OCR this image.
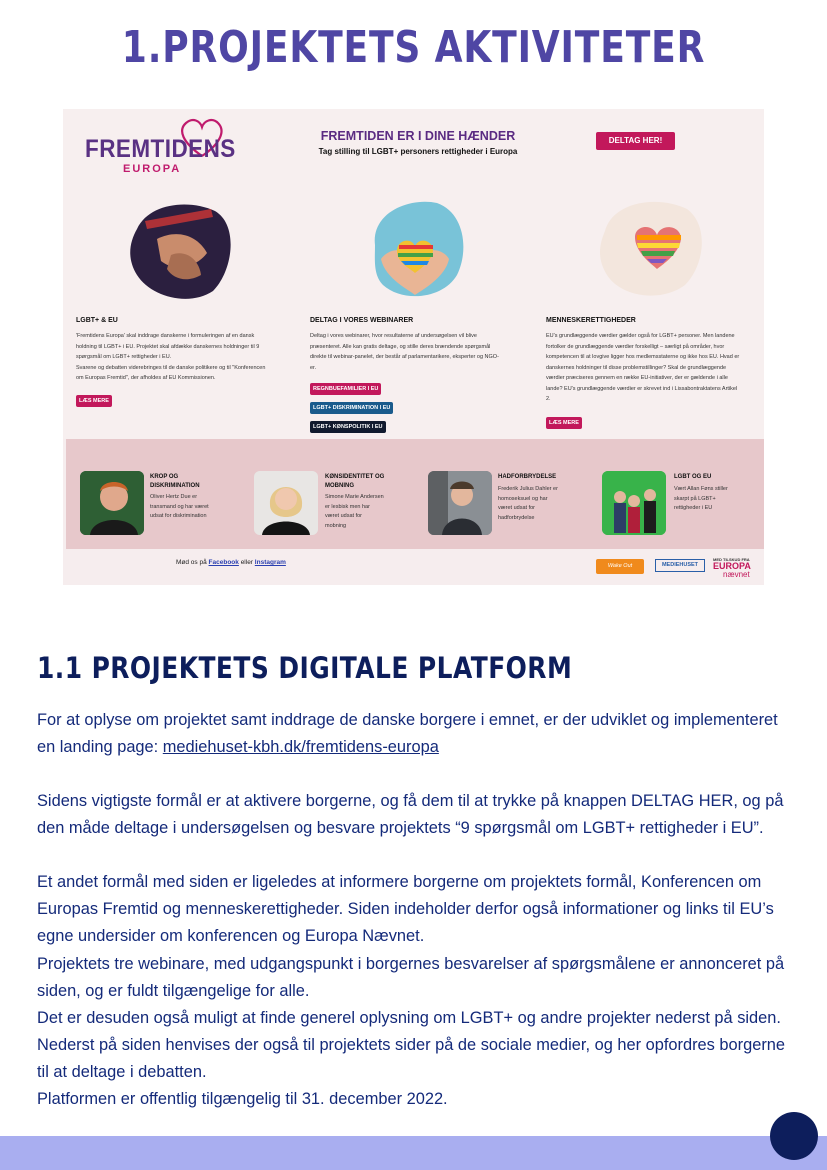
1.PROJEKTETS AKTIVITETER
FREMTIDENS
EUROPA
FREMTIDEN ER I DINE HÆNDER
Tag stilling til LGBT+ personers rettigheder i Europa
DELTAG HER!
LGBT+ & EU
'Fremtidens Europa' skal inddrage danskerne i formuleringen af en dansk
holdning til LGBT+ i EU. Projektet skal afdække danskernes holdninger til 9
spørgsmål om LGBT+ rettigheder i EU.
Svarene og debatten viderebringes til de danske politikere og til "Konferencen
om Europas Fremtid", der afholdes af EU Kommissionen.
LÆS MERE
DELTAG I VORES WEBINARER
Deltag i vores webinarer, hvor resultaterne af undersøgelsen vil blive
præsenteret. Alle kan gratis deltage, og stille deres brændende spørgsmål
direkte til webinar-panelet, der består af parlamentarikere, eksperter og NGO-
er.
REGNBUEFAMILIER I EU
LGBT+ DISKRIMINATION I EU
LGBT+ KØNSPOLITIK I EU
MENNESKERETTIGHEDER
EU's grundlæggende værdier gælder også for LGBT+ personer. Men landene
fortolker de grundlæggende værdier forskelligt – særligt på områder, hvor
kompetencen til at lovgive ligger hos medlemsstaterne og ikke hos EU. Hvad er
danskernes holdninger til disse problemstillinger? Skal de grundlæggende
værdier præciseres gennem en række EU-initiativer, der er gældende i alle
lande? EU's grundlæggende værdier er skrevet ind i Lissabontraktatens Artikel
2.
LÆS MERE
KROP OG
DISKRIMINATION
Oliver Hertz Due er
transmand og har været
udsat for diskrimination
KØNSIDENTITET OG
MOBNING
Simone Marie Andersen
er lesbisk men har
været udsat for
mobning
HADFORBRYDELSE
Frederik Julius Dahler er
homoseksuel og har
været udsat for
hadforbrydelse
LGBT OG EU
Vært Allan Føns stiller
skarpt på LGBT+
rettigheder i EU
Mød os på Facebook eller Instagram	Wake Out	MEDIEHUSET
MED TILSKUD FRA
EUROPA
nævnet
1.1 PROJEKTETS DIGITALE PLATFORM
For at oplyse om projektet samt inddrage de danske borgere i emnet, er der udviklet og implementeret en landing page: mediehuset-kbh.dk/fremtidens-europa
Sidens vigtigste formål er at aktivere borgerne, og få dem til at trykke på knappen DELTAG HER, og på den måde deltage i undersøgelsen og besvare projektets “9 spørgsmål om LGBT+ rettigheder i EU”.
Et andet formål med siden er ligeledes at informere borgerne om projektets formål, Konferencen om Europas Fremtid og menneskerettigheder. Siden indeholder derfor også informationer og links til EU’s egne undersider om konferencen og Europa Nævnet.
Projektets tre webinare, med udgangspunkt i borgernes besvarelser af spørgsmålene er annonceret på siden, og er fuldt tilgængelige for alle.
Det er desuden også muligt at finde generel oplysning om LGBT+ og andre projekter nederst på siden. Nederst på siden henvises der også til projektets sider på de sociale medier, og her opfordres borgerne til at deltage i debatten.
Platformen er offentlig tilgængelig til 31. december 2022.
